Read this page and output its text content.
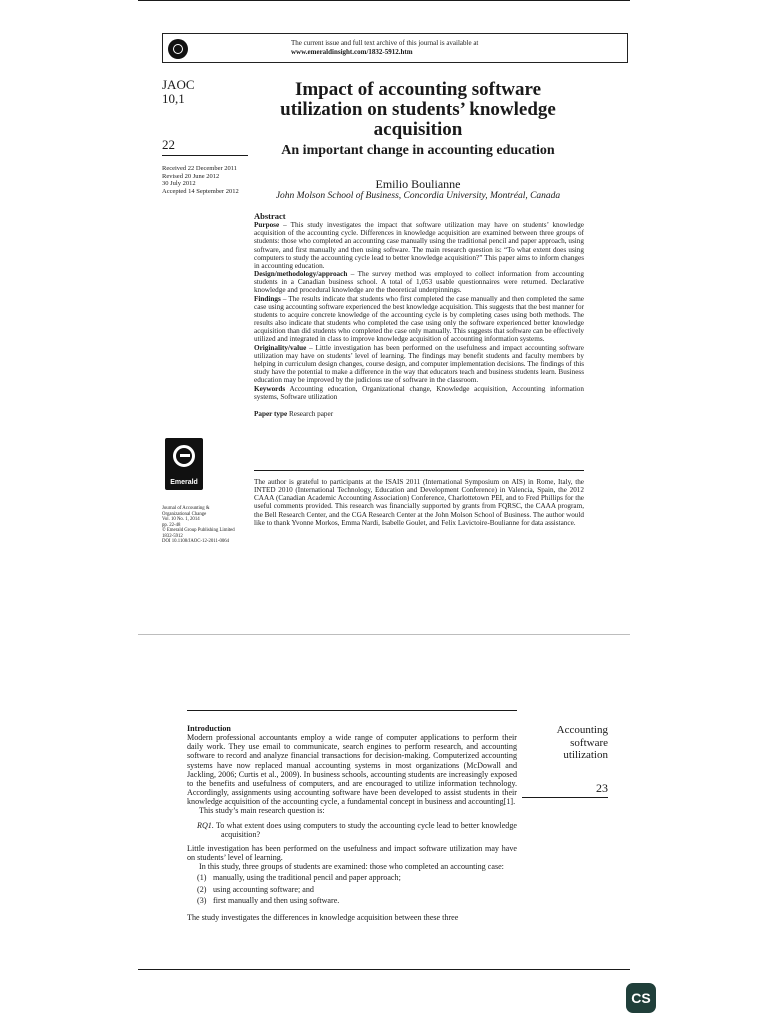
The current issue and full text archive of this journal is available at
www.emeraldinsight.com/1832-5912.htm
JAOC
10,1
22
Received 22 December 2011
Revised 20 June 2012
30 July 2012
Accepted 14 September 2012
Impact of accounting software utilization on students’ knowledge acquisition
An important change in accounting education
Emilio Boulianne
John Molson School of Business, Concordia University, Montréal, Canada
Abstract

Purpose – This study investigates the impact that software utilization may have on students’ knowledge acquisition of the accounting cycle. Differences in knowledge acquisition are examined between three groups of students: those who completed an accounting case manually using the traditional pencil and paper approach, using software, and first manually and then using software. The main research question is: “To what extent does using computers to study the accounting cycle lead to better knowledge acquisition?” This paper aims to inform changes in accounting education.

Design/methodology/approach – The survey method was employed to collect information from accounting students in a Canadian business school. A total of 1,053 usable questionnaires were returned. Declarative knowledge and procedural knowledge are the theoretical underpinnings.

Findings – The results indicate that students who first completed the case manually and then completed the same case using accounting software experienced the best knowledge acquisition. This suggests that the best manner for students to acquire concrete knowledge of the accounting cycle is by completing cases using both methods. The results also indicate that students who completed the case using only the software experienced better knowledge acquisition than did students who completed the case only manually. This suggests that software can be effectively utilized and integrated in class to improve knowledge acquisition of accounting information systems.

Originality/value – Little investigation has been performed on the usefulness and impact accounting software utilization may have on students’ level of learning. The findings may benefit students and faculty members by helping in curriculum design changes, course design, and computer implementation decisions. The findings of this study have the potential to make a difference in the way that educators teach and business students learn. Business education may be improved by the judicious use of software in the classroom.

Keywords Accounting education, Organizational change, Knowledge acquisition, Accounting information systems, Software utilization

Paper type Research paper

Emerald
Journal of Accounting &
Organizational Change
Vol. 10 No. 1, 2014
pp. 22-48
© Emerald Group Publishing Limited
1832-5912
DOI 10.1108/JAOC-12-2011-0064
The author is grateful to participants at the ISAIS 2011 (International Symposium on AIS) in Rome, Italy, the INTED 2010 (International Technology, Education and Development Conference) in Valencia, Spain, the 2012 CAAA (Canadian Academic Accounting Association) Conference, Charlottetown PEI, and to Fred Phillips for the useful comments provided. This research was financially supported by grants from FQRSC, the CAAA program, the Bell Research Center, and the CGA Research Center at the John Molson School of Business. The author would like to thank Yvonne Morkos, Emma Nardi, Isabelle Goulet, and Felix Lavictoire-Boulianne for data assistance.
Accounting software utilization
23

Introduction

Modern professional accountants employ a wide range of computer applications to perform their daily work. They use email to communicate, search engines to perform research, and accounting software to record and analyze financial transactions for decision-making. Computerized accounting systems have now replaced manual accounting systems in most organizations (McDowall and Jackling, 2006; Curtis et al., 2009). In business schools, accounting students are increasingly exposed to the benefits and usefulness of computers, and are encouraged to utilize information technology. Accordingly, assignments using accounting software have been developed to assist students in their knowledge acquisition of the accounting cycle, a fundamental concept in business and accounting[1].

This study’s main research question is:

RQ1. To what extent does using computers to study the accounting cycle lead to better knowledge acquisition?

Little investigation has been performed on the usefulness and impact software utilization may have on students’ level of learning.

In this study, three groups of students are examined: those who completed an accounting case:

(1) manually, using the traditional pencil and paper approach;
(2) using accounting software; and
(3) first manually and then using software.

The study investigates the differences in knowledge acquisition between these three

CS
